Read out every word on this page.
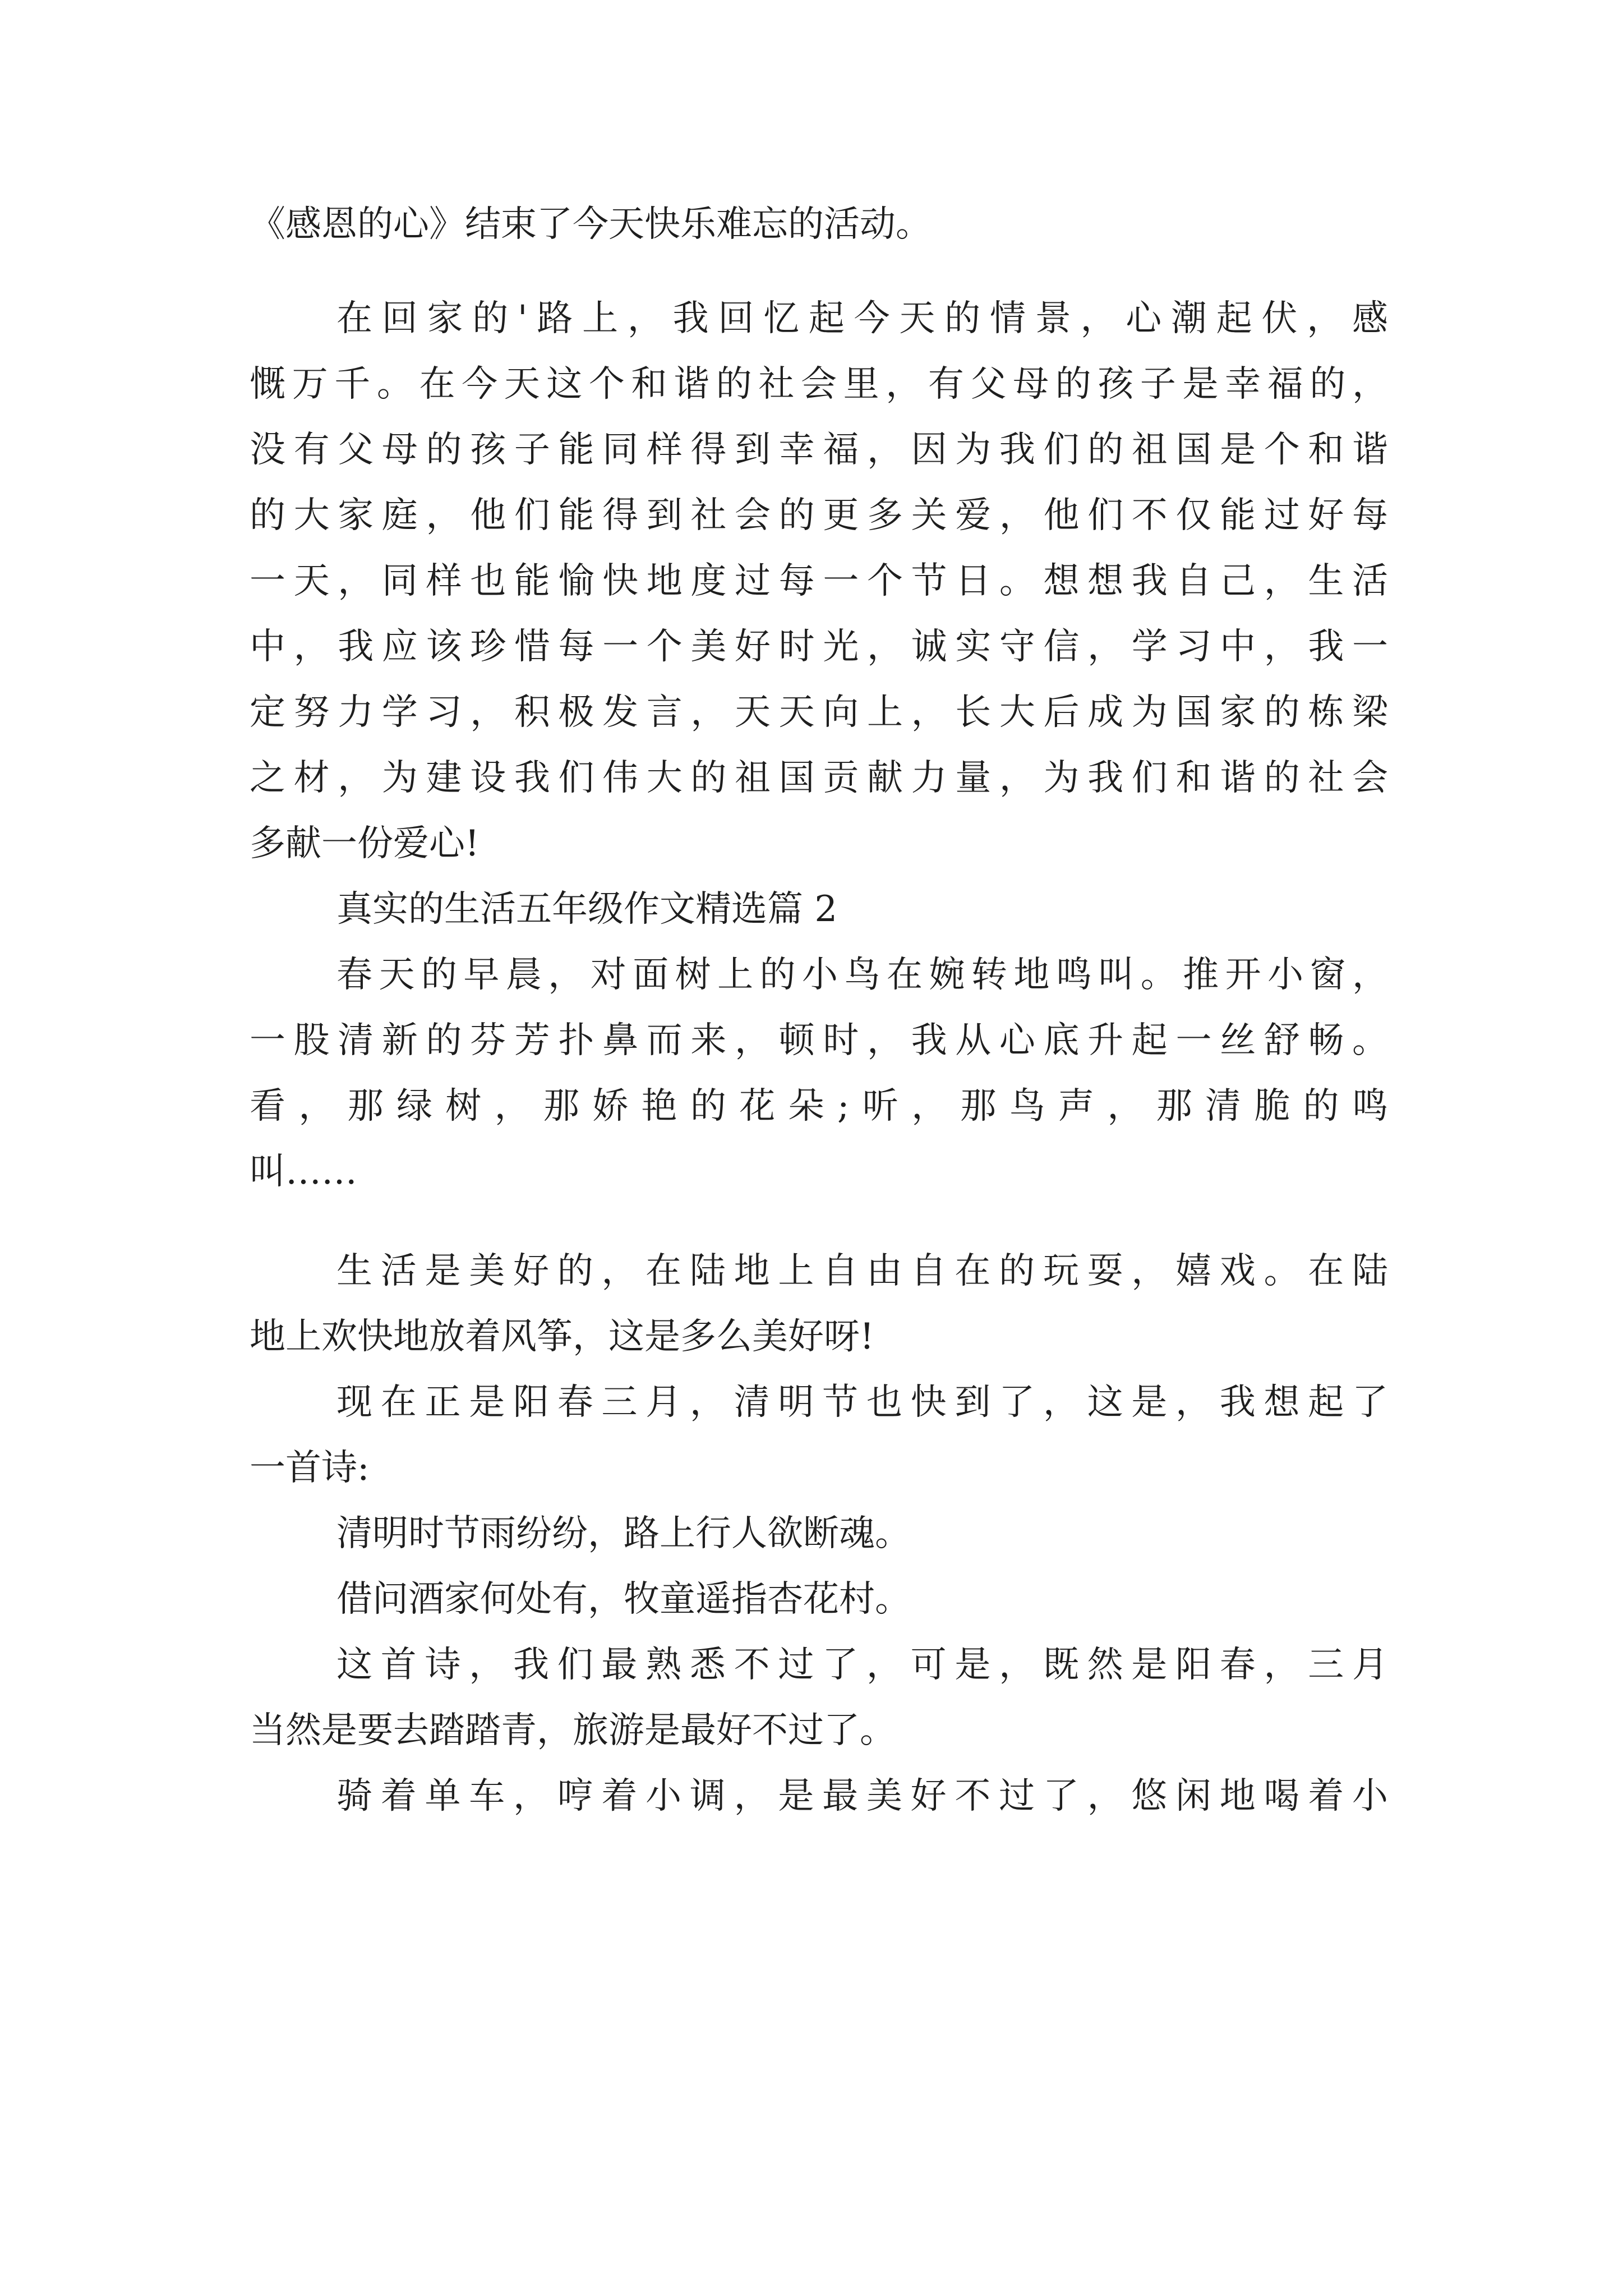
《感恩的心》结束了今天快乐难忘的活动。

在回家的'路上，我回忆起今天的情景，心潮起伏，感

慨万千。在今天这个和谐的社会里，有父母的孩子是幸福的，

没有父母的孩子能同样得到幸福，因为我们的祖国是个和谐

的大家庭，他们能得到社会的更多关爱，他们不仅能过好每

一天，同样也能愉快地度过每一个节日。想想我自己，生活

中，我应该珍惜每一个美好时光，诚实守信，学习中，我一

定努力学习，积极发言，天天向上，长大后成为国家的栋梁

之材，为建设我们伟大的祖国贡献力量，为我们和谐的社会

多献一份爱心!

真实的生活五年级作文精选篇 2

春天的早晨，对面树上的小鸟在婉转地鸣叫。推开小窗，

一股清新的芬芳扑鼻而来，顿时，我从心底升起一丝舒畅。

看，那绿树，那娇艳的花朵;听，那鸟声，那清脆的鸣

叫……

生活是美好的，在陆地上自由自在的玩耍，嬉戏。在陆

地上欢快地放着风筝，这是多么美好呀!

现在正是阳春三月，清明节也快到了，这是，我想起了

一首诗:

清明时节雨纷纷，路上行人欲断魂。

借问酒家何处有，牧童遥指杏花村。

这首诗，我们最熟悉不过了，可是，既然是阳春，三月

当然是要去踏踏青，旅游是最好不过了。

骑着单车，哼着小调，是最美好不过了，悠闲地喝着小
